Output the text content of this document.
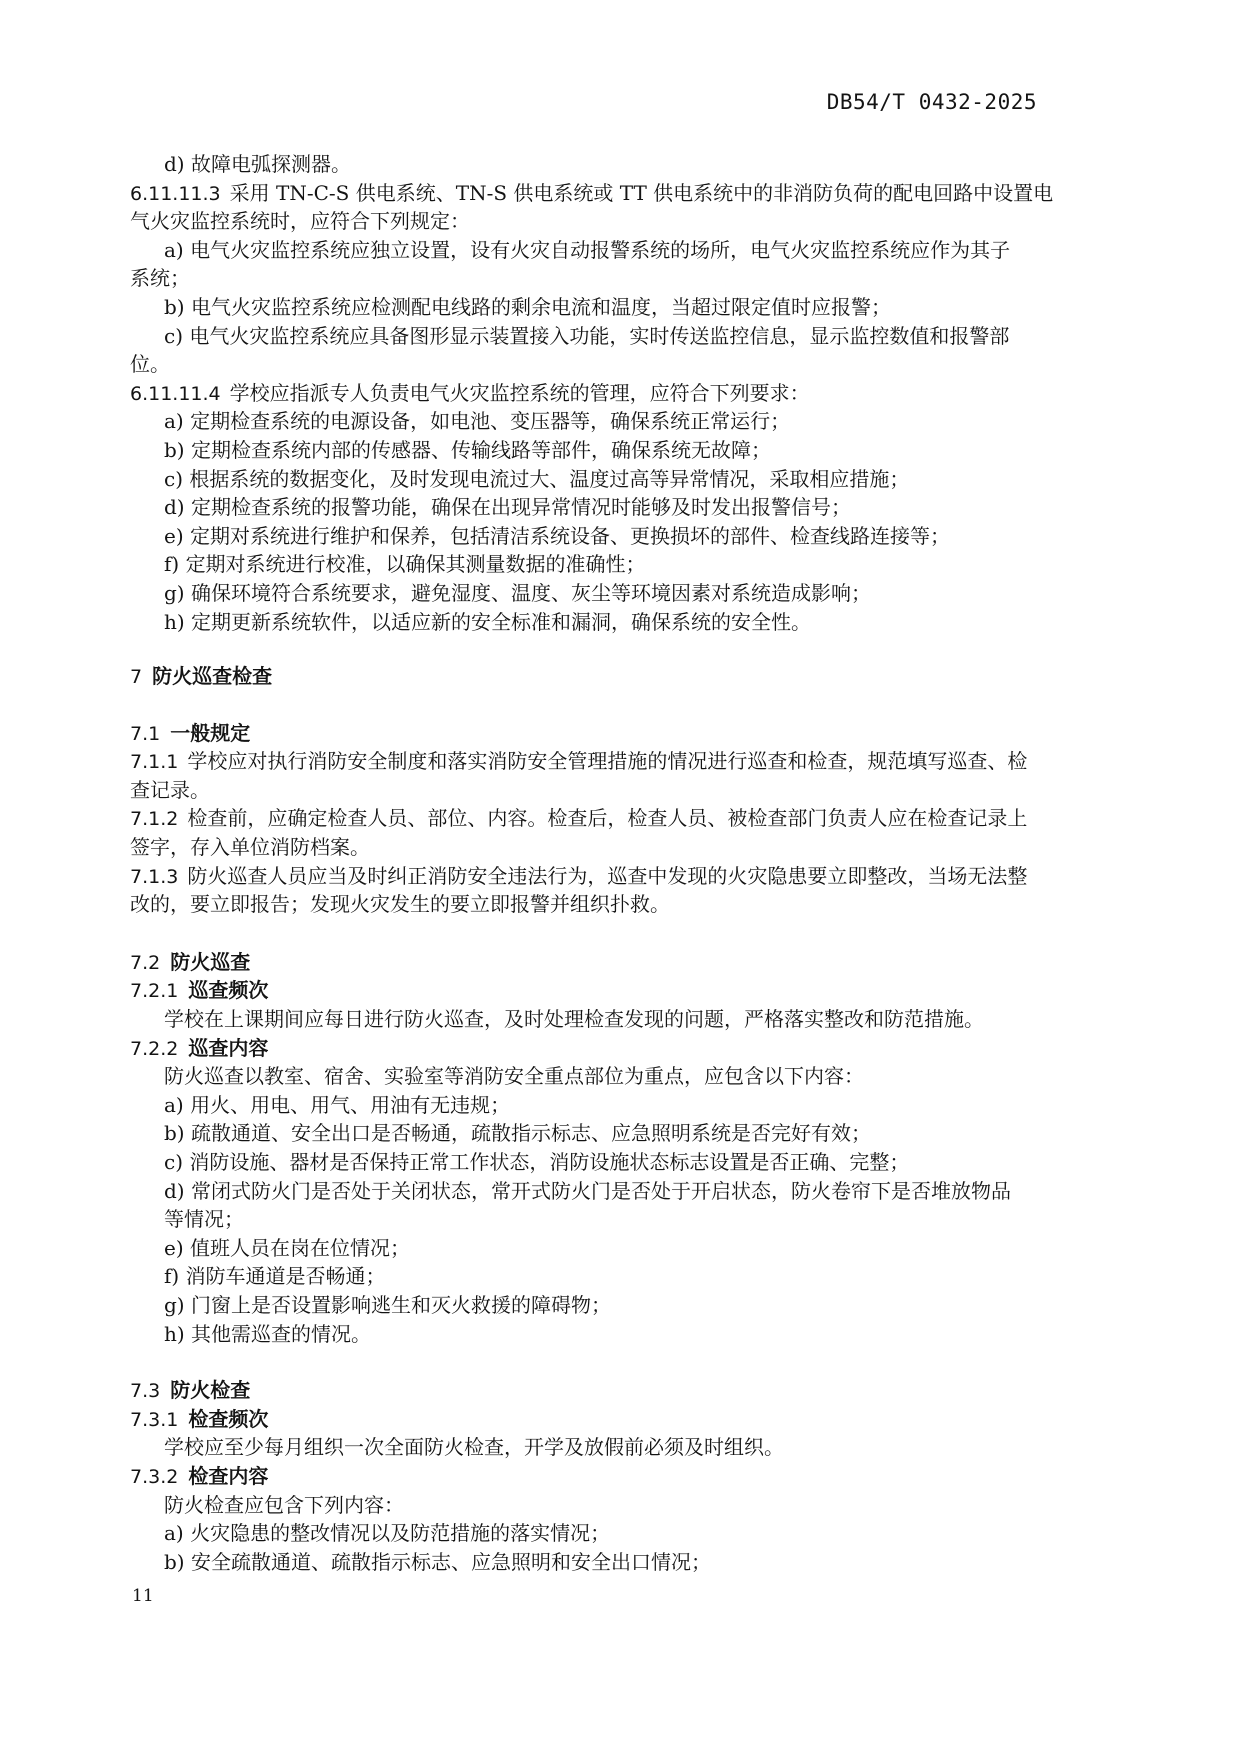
DB54/T 0432-2025
d) 故障电弧探测器。
6.11.11.3 采用 TN-C-S 供电系统、TN-S 供电系统或 TT 供电系统中的非消防负荷的配电回路中设置电
气火灾监控系统时，应符合下列规定：
a) 电气火灾监控系统应独立设置，设有火灾自动报警系统的场所，电气火灾监控系统应作为其子
系统；
b) 电气火灾监控系统应检测配电线路的剩余电流和温度，当超过限定值时应报警；
c) 电气火灾监控系统应具备图形显示装置接入功能，实时传送监控信息，显示监控数值和报警部
位。
6.11.11.4 学校应指派专人负责电气火灾监控系统的管理，应符合下列要求：
a) 定期检查系统的电源设备，如电池、变压器等，确保系统正常运行；
b) 定期检查系统内部的传感器、传输线路等部件，确保系统无故障；
c) 根据系统的数据变化，及时发现电流过大、温度过高等异常情况，采取相应措施；
d) 定期检查系统的报警功能，确保在出现异常情况时能够及时发出报警信号；
e) 定期对系统进行维护和保养，包括清洁系统设备、更换损坏的部件、检查线路连接等；
f) 定期对系统进行校准，以确保其测量数据的准确性；
g) 确保环境符合系统要求，避免湿度、温度、灰尘等环境因素对系统造成影响；
h) 定期更新系统软件，以适应新的安全标准和漏洞，确保系统的安全性。
7 防火巡查检查
7.1 一般规定
7.1.1 学校应对执行消防安全制度和落实消防安全管理措施的情况进行巡查和检查，规范填写巡查、检
查记录。
7.1.2 检查前，应确定检查人员、部位、内容。检查后，检查人员、被检查部门负责人应在检查记录上
签字，存入单位消防档案。
7.1.3 防火巡查人员应当及时纠正消防安全违法行为，巡查中发现的火灾隐患要立即整改，当场无法整
改的，要立即报告；发现火灾发生的要立即报警并组织扑救。
7.2 防火巡查
7.2.1 巡查频次
学校在上课期间应每日进行防火巡查，及时处理检查发现的问题，严格落实整改和防范措施。
7.2.2 巡查内容
防火巡查以教室、宿舍、实验室等消防安全重点部位为重点，应包含以下内容：
a) 用火、用电、用气、用油有无违规；
b) 疏散通道、安全出口是否畅通，疏散指示标志、应急照明系统是否完好有效；
c) 消防设施、器材是否保持正常工作状态，消防设施状态标志设置是否正确、完整；
d) 常闭式防火门是否处于关闭状态，常开式防火门是否处于开启状态，防火卷帘下是否堆放物品
等情况；
e) 值班人员在岗在位情况；
f) 消防车通道是否畅通；
g) 门窗上是否设置影响逃生和灭火救援的障碍物；
h) 其他需巡查的情况。
7.3 防火检查
7.3.1 检查频次
学校应至少每月组织一次全面防火检查，开学及放假前必须及时组织。
7.3.2 检查内容
防火检查应包含下列内容：
a) 火灾隐患的整改情况以及防范措施的落实情况；
b) 安全疏散通道、疏散指示标志、应急照明和安全出口情况；
11
